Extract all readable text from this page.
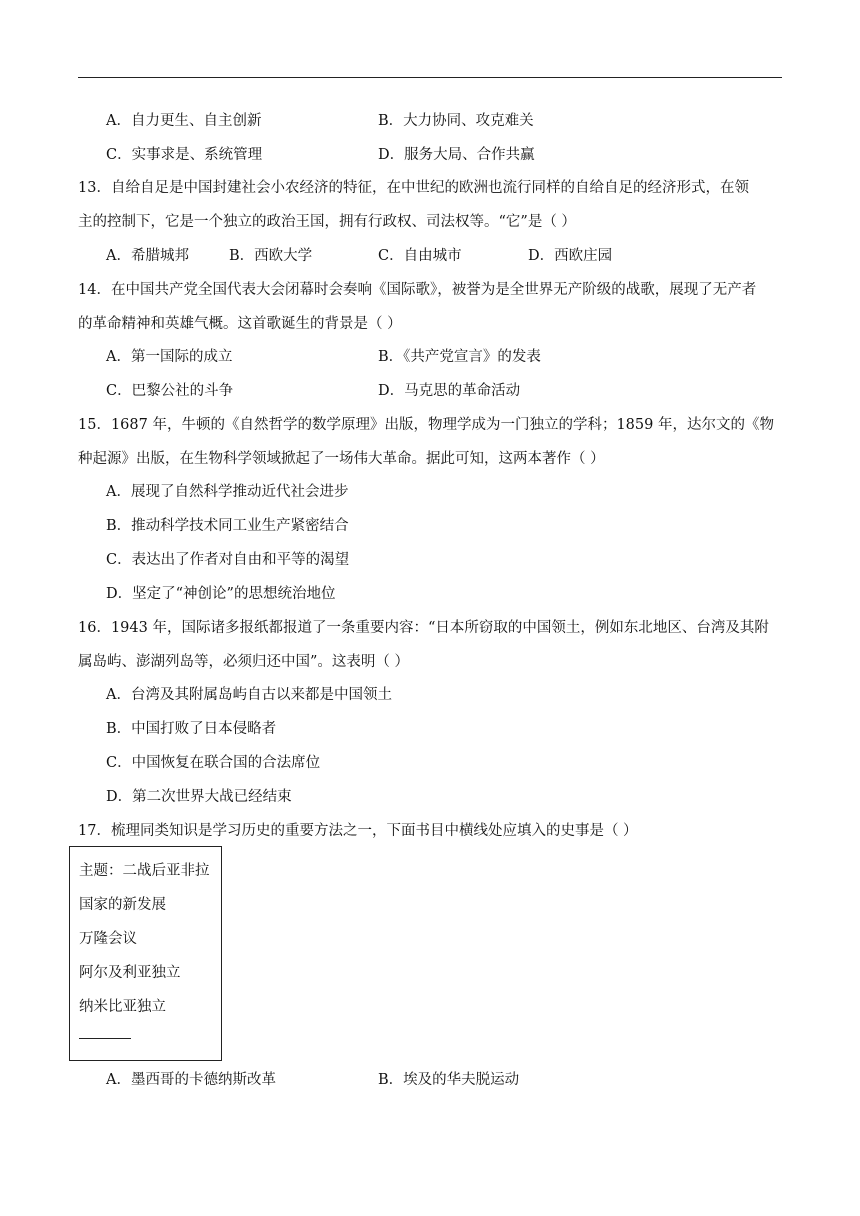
A．自力更生、自主创新	B．大力协同、攻克难关
C．实事求是、系统管理	D．服务大局、合作共赢
13．自给自足是中国封建社会小农经济的特征，在中世纪的欧洲也流行同样的自给自足的经济形式，在领
主的控制下，它是一个独立的政治王国，拥有行政权、司法权等。“它”是（ ）
A．希腊城邦	B．西欧大学	C．自由城市	D．西欧庄园
14．在中国共产党全国代表大会闭幕时会奏响《国际歌》，被誉为是全世界无产阶级的战歌，展现了无产者
的革命精神和英雄气概。这首歌诞生的背景是（ ）
A．第一国际的成立	B．《共产党宣言》的发表
C．巴黎公社的斗争	D．马克思的革命活动
15．1687 年，牛顿的《自然哲学的数学原理》出版，物理学成为一门独立的学科；1859 年，达尔文的《物
种起源》出版，在生物科学领域掀起了一场伟大革命。据此可知，这两本著作（ ）
A．展现了自然科学推动近代社会进步
B．推动科学技术同工业生产紧密结合
C．表达出了作者对自由和平等的渴望
D．坚定了“神创论”的思想统治地位
16．1943 年，国际诸多报纸都报道了一条重要内容：“日本所窃取的中国领土，例如东北地区、台湾及其附
属岛屿、澎湖列岛等，必须归还中国”。这表明（ ）
A．台湾及其附属岛屿自古以来都是中国领土
B．中国打败了日本侵略者
C．中国恢复在联合国的合法席位
D．第二次世界大战已经结束
17．梳理同类知识是学习历史的重要方法之一，下面书目中横线处应填入的史事是（ ）
主题：二战后亚非拉
国家的新发展
万隆会议
阿尔及利亚独立
纳米比亚独立
A．墨西哥的卡德纳斯改革	B．埃及的华夫脱运动
